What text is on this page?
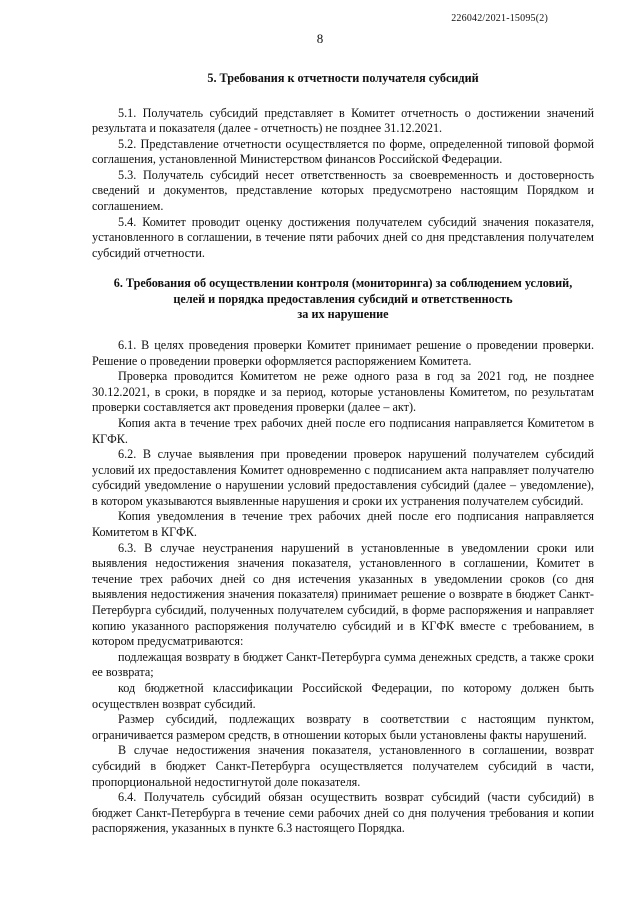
226042/2021-15095(2)
8
5. Требования к отчетности получателя субсидий

5.1. Получатель субсидий представляет в Комитет отчетность о достижении значений результата и показателя (далее - отчетность) не позднее 31.12.2021.

5.2. Представление отчетности осуществляется по форме, определенной типовой формой соглашения, установленной Министерством финансов Российской Федерации.

5.3. Получатель субсидий несет ответственность за своевременность и достоверность сведений и документов, представление которых предусмотрено настоящим Порядком и соглашением.

5.4. Комитет проводит оценку достижения получателем субсидий значения показателя, установленного в соглашении, в течение пяти рабочих дней со дня представления получателем субсидий отчетности.

6. Требования об осуществлении контроля (мониторинга) за соблюдением условий,
целей и порядка предоставления субсидий и ответственность
за их нарушение

6.1. В целях проведения проверки Комитет принимает решение о проведении проверки. Решение о проведении проверки оформляется распоряжением Комитета.

Проверка проводится Комитетом не реже одного раза в год за 2021 год, не позднее 30.12.2021, в сроки, в порядке и за период, которые установлены Комитетом, по результатам проверки составляется акт проведения проверки (далее – акт).

Копия акта в течение трех рабочих дней после его подписания направляется Комитетом в КГФК.

6.2. В случае выявления при проведении проверок нарушений получателем субсидий условий их предоставления Комитет одновременно с подписанием акта направляет получателю субсидий уведомление о нарушении условий предоставления субсидий (далее – уведомление), в котором указываются выявленные нарушения и сроки их устранения получателем субсидий.

Копия уведомления в течение трех рабочих дней после его подписания направляется Комитетом в КГФК.

6.3. В случае неустранения нарушений в установленные в уведомлении сроки или выявления недостижения значения показателя, установленного в соглашении, Комитет в течение трех рабочих дней со дня истечения указанных в уведомлении сроков (со дня выявления недостижения значения показателя) принимает решение о возврате в бюджет Санкт-Петербурга субсидий, полученных получателем субсидий, в форме распоряжения и направляет копию указанного распоряжения получателю субсидий и в КГФК вместе с требованием, в котором предусматриваются:

подлежащая возврату в бюджет Санкт-Петербурга сумма денежных средств, а также сроки ее возврата;

код бюджетной классификации Российской Федерации, по которому должен быть осуществлен возврат субсидий.

Размер субсидий, подлежащих возврату в соответствии с настоящим пунктом, ограничивается размером средств, в отношении которых были установлены факты нарушений.

В случае недостижения значения показателя, установленного в соглашении, возврат субсидий в бюджет Санкт-Петербурга осуществляется получателем субсидий в части, пропорциональной недостигнутой доле показателя.

6.4. Получатель субсидий обязан осуществить возврат субсидий (части субсидий) в бюджет Санкт-Петербурга в течение семи рабочих дней со дня получения требования и копии распоряжения, указанных в пункте 6.3 настоящего Порядка.
